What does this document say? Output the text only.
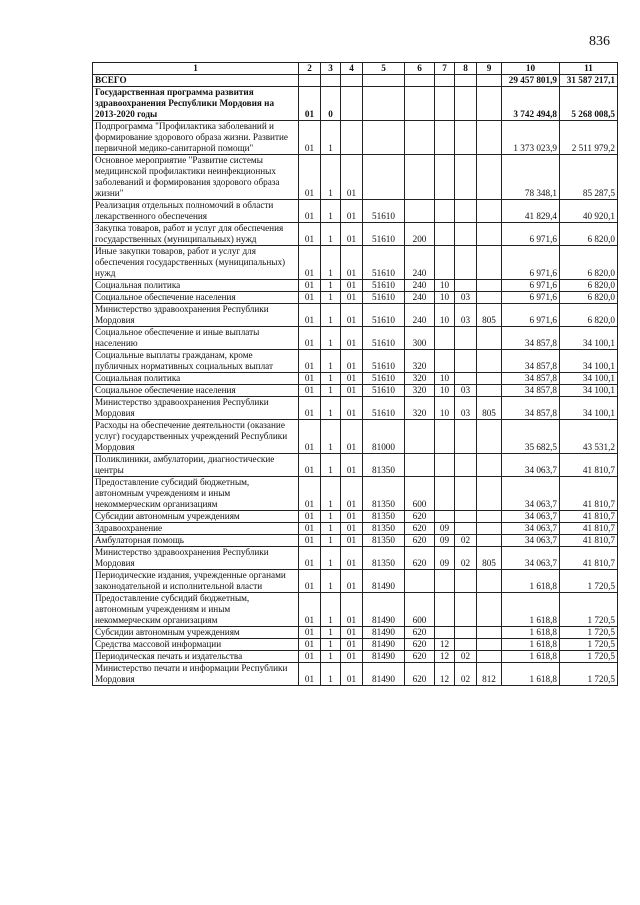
836
1	2	3	4	5	6	7	8	9	10	11
ВСЕГО									29 457 801,9	31 587 217,1
Государственная программа развития здравоохранения Республики Мордовия на 2013-2020 годы	01	0							3 742 494,8	5 268 008,5
Подпрограмма "Профилактика заболеваний и формирование здорового образа жизни. Развитие первичной медико-санитарной помощи"	01	1							1 373 023,9	2 511 979,2
Основное мероприятие "Развитие системы медицинской профилактики неинфекционных заболеваний и формирования здорового образа жизни"	01	1	01						78 348,1	85 287,5
Реализация отдельных полномочий в области лекарственного обеспечения	01	1	01	51610					41 829,4	40 920,1
Закупка товаров, работ и услуг для обеспечения государственных (муниципальных) нужд	01	1	01	51610	200				6 971,6	6 820,0
Иные закупки товаров, работ и услуг для обеспечения государственных (муниципальных) нужд	01	1	01	51610	240				6 971,6	6 820,0
Социальная политика	01	1	01	51610	240	10			6 971,6	6 820,0
Социальное обеспечение населения	01	1	01	51610	240	10	03		6 971,6	6 820,0
Министерство здравоохранения Республики Мордовия	01	1	01	51610	240	10	03	805	6 971,6	6 820,0
Социальное обеспечение и иные выплаты населению	01	1	01	51610	300				34 857,8	34 100,1
Социальные выплаты гражданам, кроме публичных нормативных социальных выплат	01	1	01	51610	320				34 857,8	34 100,1
Социальная политика	01	1	01	51610	320	10			34 857,8	34 100,1
Социальное обеспечение населения	01	1	01	51610	320	10	03		34 857,8	34 100,1
Министерство здравоохранения Республики Мордовия	01	1	01	51610	320	10	03	805	34 857,8	34 100,1
Расходы на обеспечение деятельности (оказание услуг) государственных учреждений Республики Мордовия	01	1	01	81000					35 682,5	43 531,2
Поликлиники, амбулатории, диагностические центры	01	1	01	81350					34 063,7	41 810,7
Предоставление субсидий бюджетным, автономным учреждениям и иным некоммерческим организациям	01	1	01	81350	600				34 063,7	41 810,7
Субсидии автономным учреждениям	01	1	01	81350	620				34 063,7	41 810,7
Здравоохранение	01	1	01	81350	620	09			34 063,7	41 810,7
Амбулаторная помощь	01	1	01	81350	620	09	02		34 063,7	41 810,7
Министерство здравоохранения Республики Мордовия	01	1	01	81350	620	09	02	805	34 063,7	41 810,7
Периодические издания, учрежденные органами законодательной и исполнительной власти	01	1	01	81490					1 618,8	1 720,5
Предоставление субсидий бюджетным, автономным учреждениям и иным некоммерческим организациям	01	1	01	81490	600				1 618,8	1 720,5
Субсидии автономным учреждениям	01	1	01	81490	620				1 618,8	1 720,5
Средства массовой информации	01	1	01	81490	620	12			1 618,8	1 720,5
Периодическая печать и издательства	01	1	01	81490	620	12	02		1 618,8	1 720,5
Министерство печати и информации Республики Мордовия	01	1	01	81490	620	12	02	812	1 618,8	1 720,5
